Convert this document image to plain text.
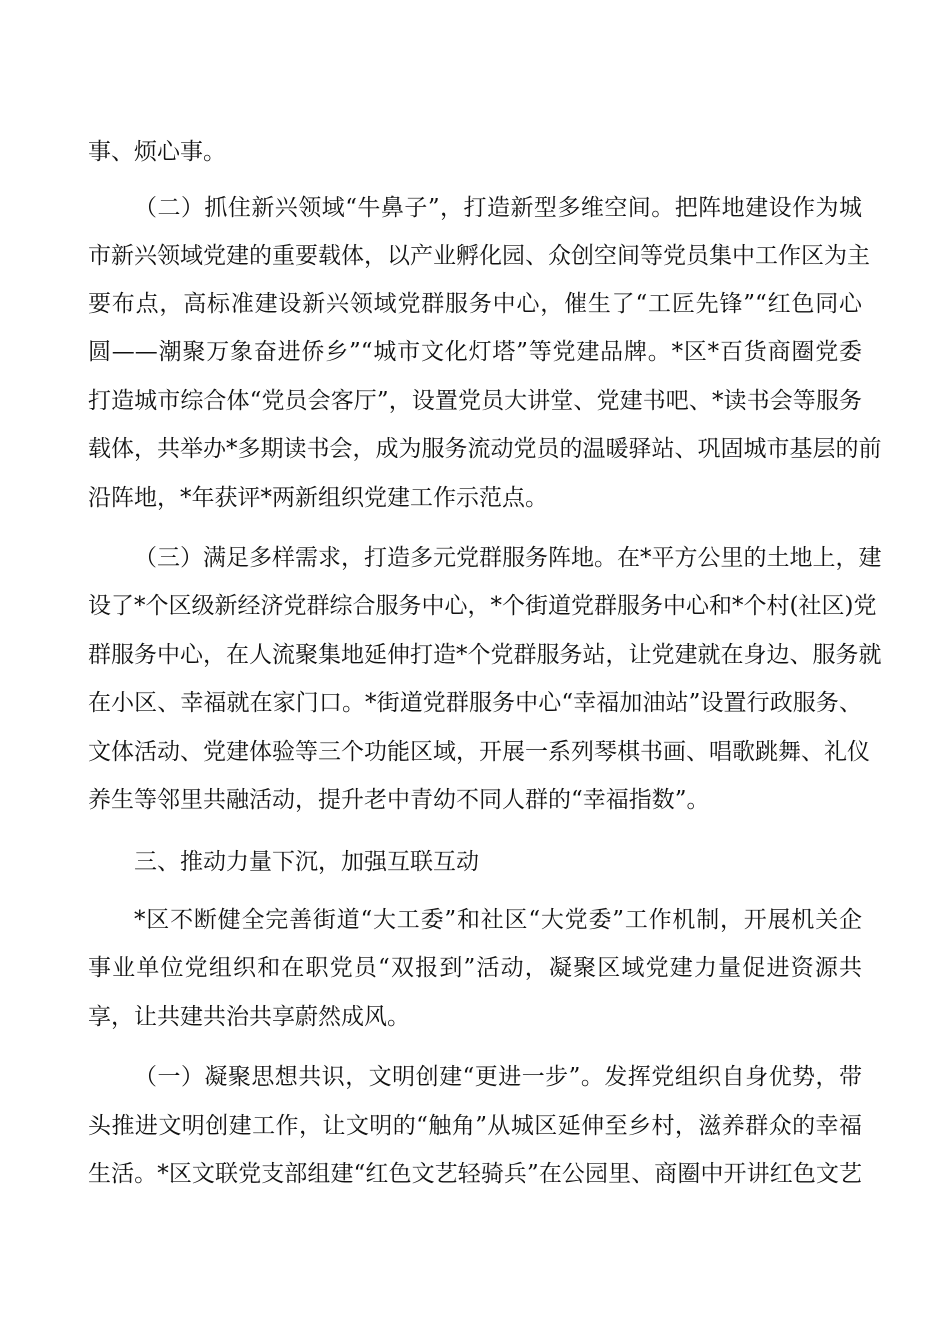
事、烦心事。
（二）抓住新兴领域“牛鼻子”，打造新型多维空间。把阵地建设作为城
市新兴领域党建的重要载体，以产业孵化园、众创空间等党员集中工作区为主
要布点，高标准建设新兴领域党群服务中心，催生了“工匠先锋”“红色同心
圆——潮聚万象奋进侨乡”“城市文化灯塔”等党建品牌。*区*百货商圈党委
打造城市综合体“党员会客厅”，设置党员大讲堂、党建书吧、*读书会等服务
载体，共举办*多期读书会，成为服务流动党员的温暖驿站、巩固城市基层的前
沿阵地，*年获评*两新组织党建工作示范点。
（三）满足多样需求，打造多元党群服务阵地。在*平方公里的土地上，建
设了*个区级新经济党群综合服务中心，*个街道党群服务中心和*个村(社区)党
群服务中心，在人流聚集地延伸打造*个党群服务站，让党建就在身边、服务就
在小区、幸福就在家门口。*街道党群服务中心“幸福加油站”设置行政服务、
文体活动、党建体验等三个功能区域，开展一系列琴棋书画、唱歌跳舞、礼仪
养生等邻里共融活动，提升老中青幼不同人群的“幸福指数”。
三、推动力量下沉，加强互联互动
*区不断健全完善街道“大工委”和社区“大党委”工作机制，开展机关企
事业单位党组织和在职党员“双报到”活动，凝聚区域党建力量促进资源共
享，让共建共治共享蔚然成风。
（一）凝聚思想共识，文明创建“更进一步”。发挥党组织自身优势，带
头推进文明创建工作，让文明的“触角”从城区延伸至乡村，滋养群众的幸福
生活。*区文联党支部组建“红色文艺轻骑兵”在公园里、商圈中开讲红色文艺
